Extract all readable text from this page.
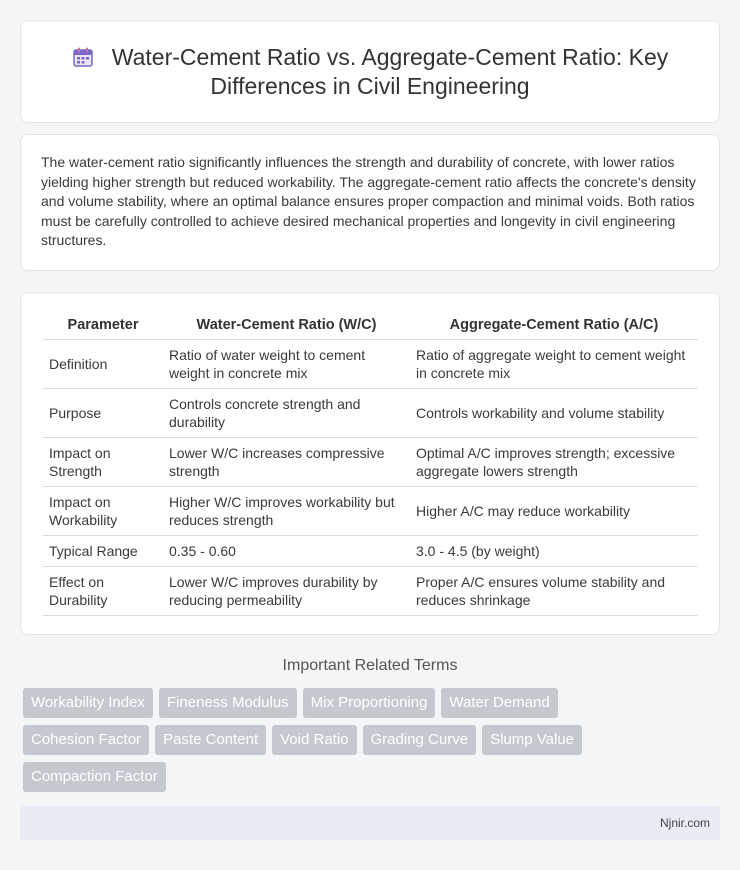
Water-Cement Ratio vs. Aggregate-Cement Ratio: Key Differences in Civil Engineering

The water-cement ratio significantly influences the strength and durability of concrete, with lower ratios yielding higher strength but reduced workability. The aggregate-cement ratio affects the concrete's density and volume stability, where an optimal balance ensures proper compaction and minimal voids. Both ratios must be carefully controlled to achieve desired mechanical properties and longevity in civil engineering structures.

Parameter	Water-Cement Ratio (W/C)	Aggregate-Cement Ratio (A/C)
Definition	Ratio of water weight to cement weight in concrete mix	Ratio of aggregate weight to cement weight in concrete mix
Purpose	Controls concrete strength and durability	Controls workability and volume stability
Impact on Strength	Lower W/C increases compressive strength	Optimal A/C improves strength; excessive aggregate lowers strength
Impact on Workability	Higher W/C improves workability but reduces strength	Higher A/C may reduce workability
Typical Range	0.35 - 0.60	3.0 - 4.5 (by weight)
Effect on Durability	Lower W/C improves durability by reducing permeability	Proper A/C ensures volume stability and reduces shrinkage
Important Related Terms
Workability Index	Fineness Modulus	Mix Proportioning	Water Demand
Cohesion Factor	Paste Content	Void Ratio	Grading Curve	Slump Value
Compaction Factor
Njnir.com
